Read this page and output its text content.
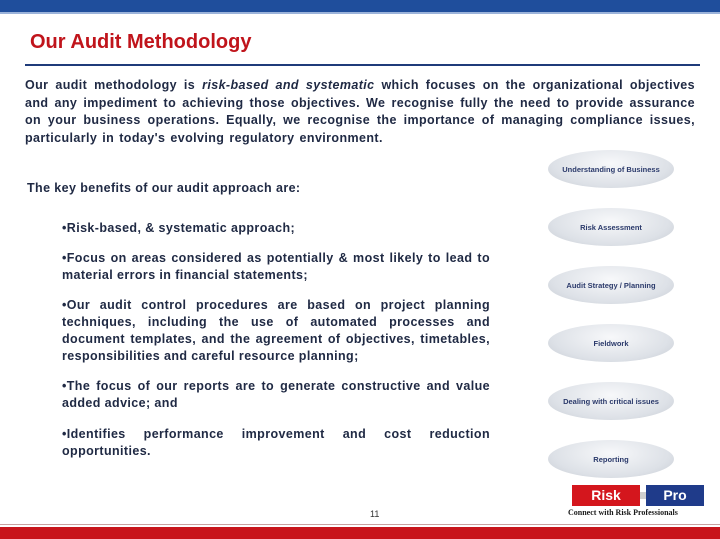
Our Audit Methodology

Our audit methodology is risk-based and systematic which focuses on the organizational objectives and any impediment to achieving those objectives. We recognise fully the need to provide assurance on your business operations. Equally, we recognise the importance of managing compliance issues, particularly in today's evolving regulatory environment.

The key benefits of our audit approach are:

•Risk-based, & systematic approach;

•Focus on areas considered as potentially & most likely to lead to material errors in financial statements;

•Our audit control procedures are based on project planning techniques, including the use of automated processes and document templates, and the agreement of objectives, timetables, responsibilities and careful resource planning;

•The focus of our reports are to generate constructive and value added advice; and

•Identifies performance improvement and cost reduction opportunities.

Understanding of Business
Risk Assessment
Audit Strategy / Planning
Fieldwork
Dealing with critical issues
Reporting
11
Risk	Pro
Connect with Risk Professionals
